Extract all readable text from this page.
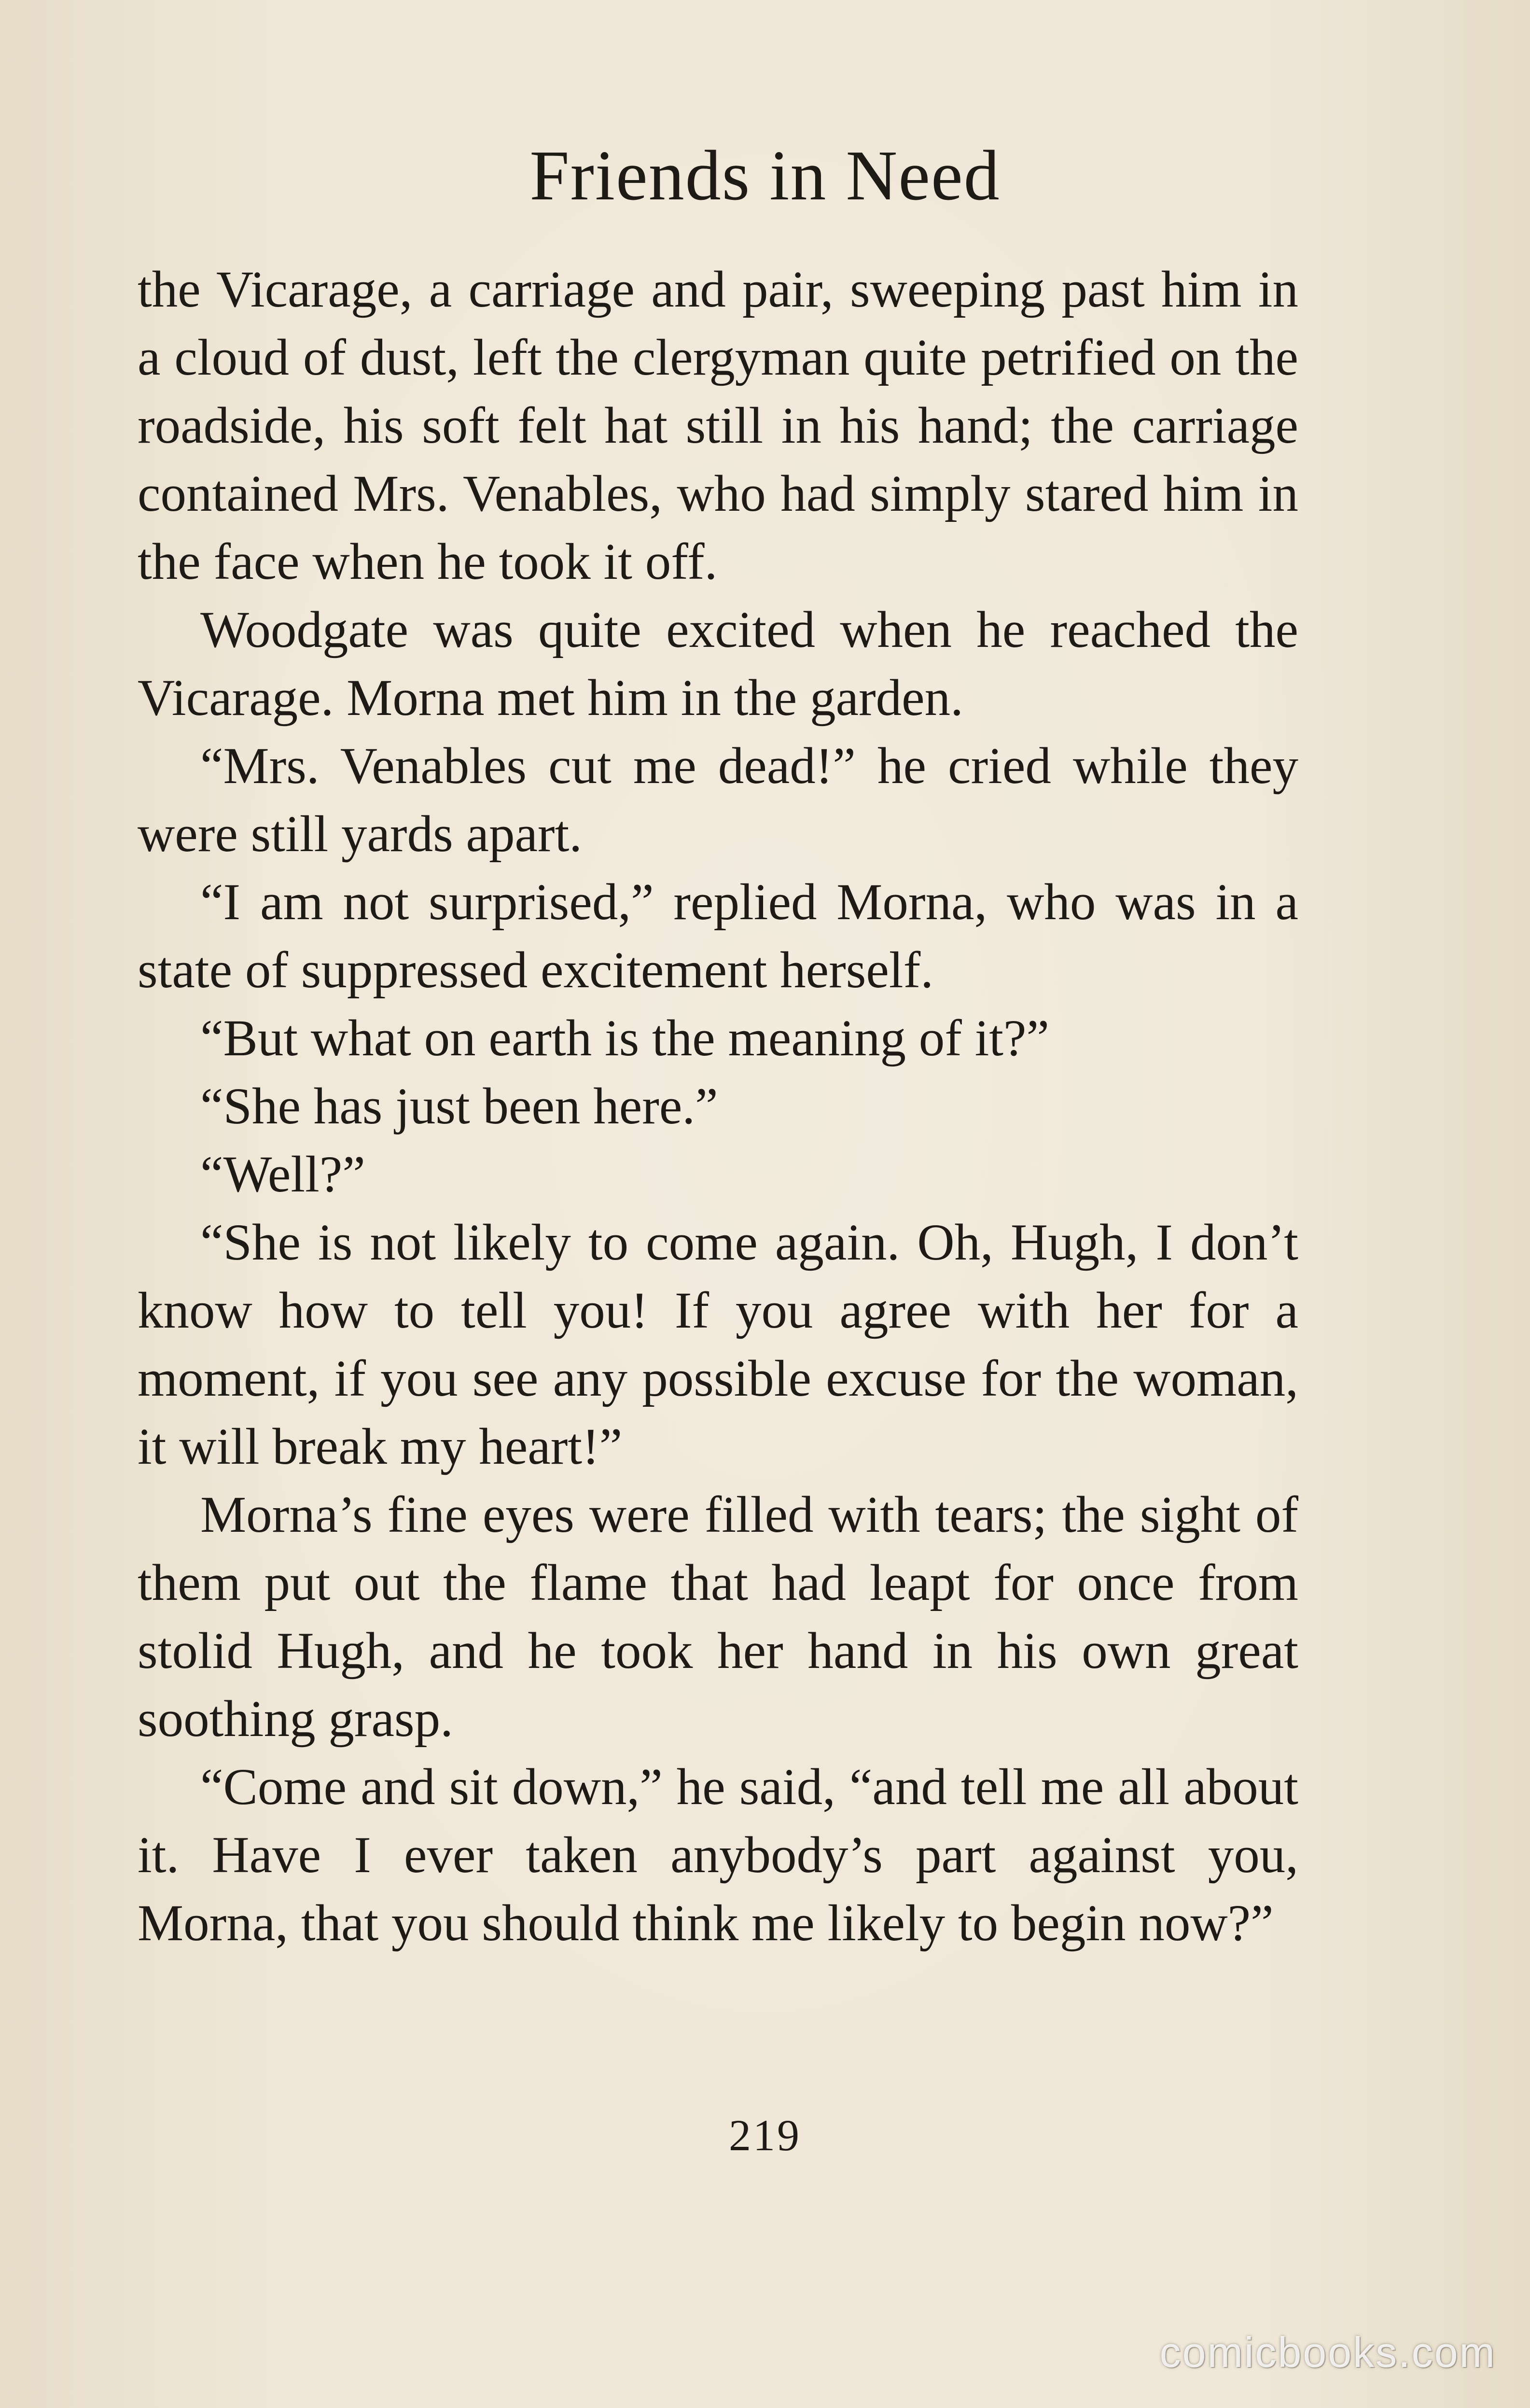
Friends in Need

the Vicarage, a carriage and pair, sweeping past him in a cloud of dust, left the clergyman quite petrified on the roadside, his soft felt hat still in his hand; the carriage contained Mrs. Venables, who had simply stared him in the face when he took it off.

Woodgate was quite excited when he reached the Vicarage. Morna met him in the garden.

“Mrs. Venables cut me dead!” he cried while they were still yards apart.

“I am not surprised,” replied Morna, who was in a state of suppressed excitement herself.

“But what on earth is the meaning of it?”

“She has just been here.”

“Well?”

“She is not likely to come again. Oh, Hugh, I don’t know how to tell you! If you agree with her for a moment, if you see any possible excuse for the woman, it will break my heart!”

Morna’s fine eyes were filled with tears; the sight of them put out the flame that had leapt for once from stolid Hugh, and he took her hand in his own great soothing grasp.

“Come and sit down,” he said, “and tell me all about it. Have I ever taken anybody’s part against you, Morna, that you should think me likely to begin now?”

219
comicbooks.com
